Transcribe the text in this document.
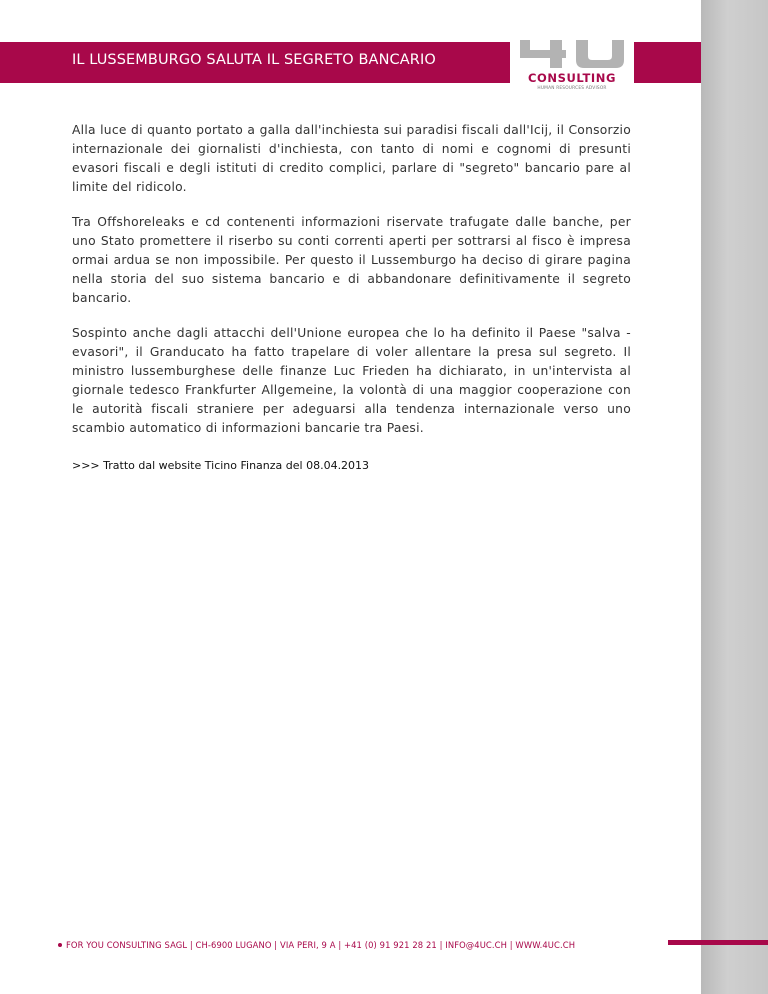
IL LUSSEMBURGO SALUTA IL SEGRETO BANCARIO
CONSULTING
HUMAN RESOURCES ADVISOR

Alla luce di quanto portato a galla dall'inchiesta sui paradisi fiscali dall'Icij, il Consorzio internazionale dei giornalisti d'inchiesta, con tanto di nomi e cognomi di presunti evasori fiscali e degli istituti di credito complici, parlare di "segreto" bancario pare al limite del ridicolo.

Tra Offshoreleaks e cd contenenti informazioni riservate trafugate dalle banche, per uno Stato promettere il riserbo su conti correnti aperti per sottrarsi al fisco è impresa ormai ardua se non impossibile. Per questo il Lussemburgo ha deciso di girare pagina nella storia del suo sistema bancario e di abbandonare definitivamente il segreto bancario.

Sospinto anche dagli attacchi dell'Unione europea che lo ha definito il Paese "salva - evasori", il Granducato ha fatto trapelare di voler allentare la presa sul segreto. Il ministro lussemburghese delle finanze Luc Frieden ha dichiarato, in un'intervista al giornale tedesco Frankfurter Allgemeine, la volontà di una maggior cooperazione con le autorità fiscali straniere per adeguarsi alla tendenza internazionale verso uno scambio automatico di informazioni bancarie tra Paesi.

>>> Tratto dal website Ticino Finanza del 08.04.2013
FOR YOU CONSULTING SAGL | CH-6900 LUGANO | VIA PERI, 9 A | +41 (0) 91 921 28 21 | INFO@4UC.CH | WWW.4UC.CH
